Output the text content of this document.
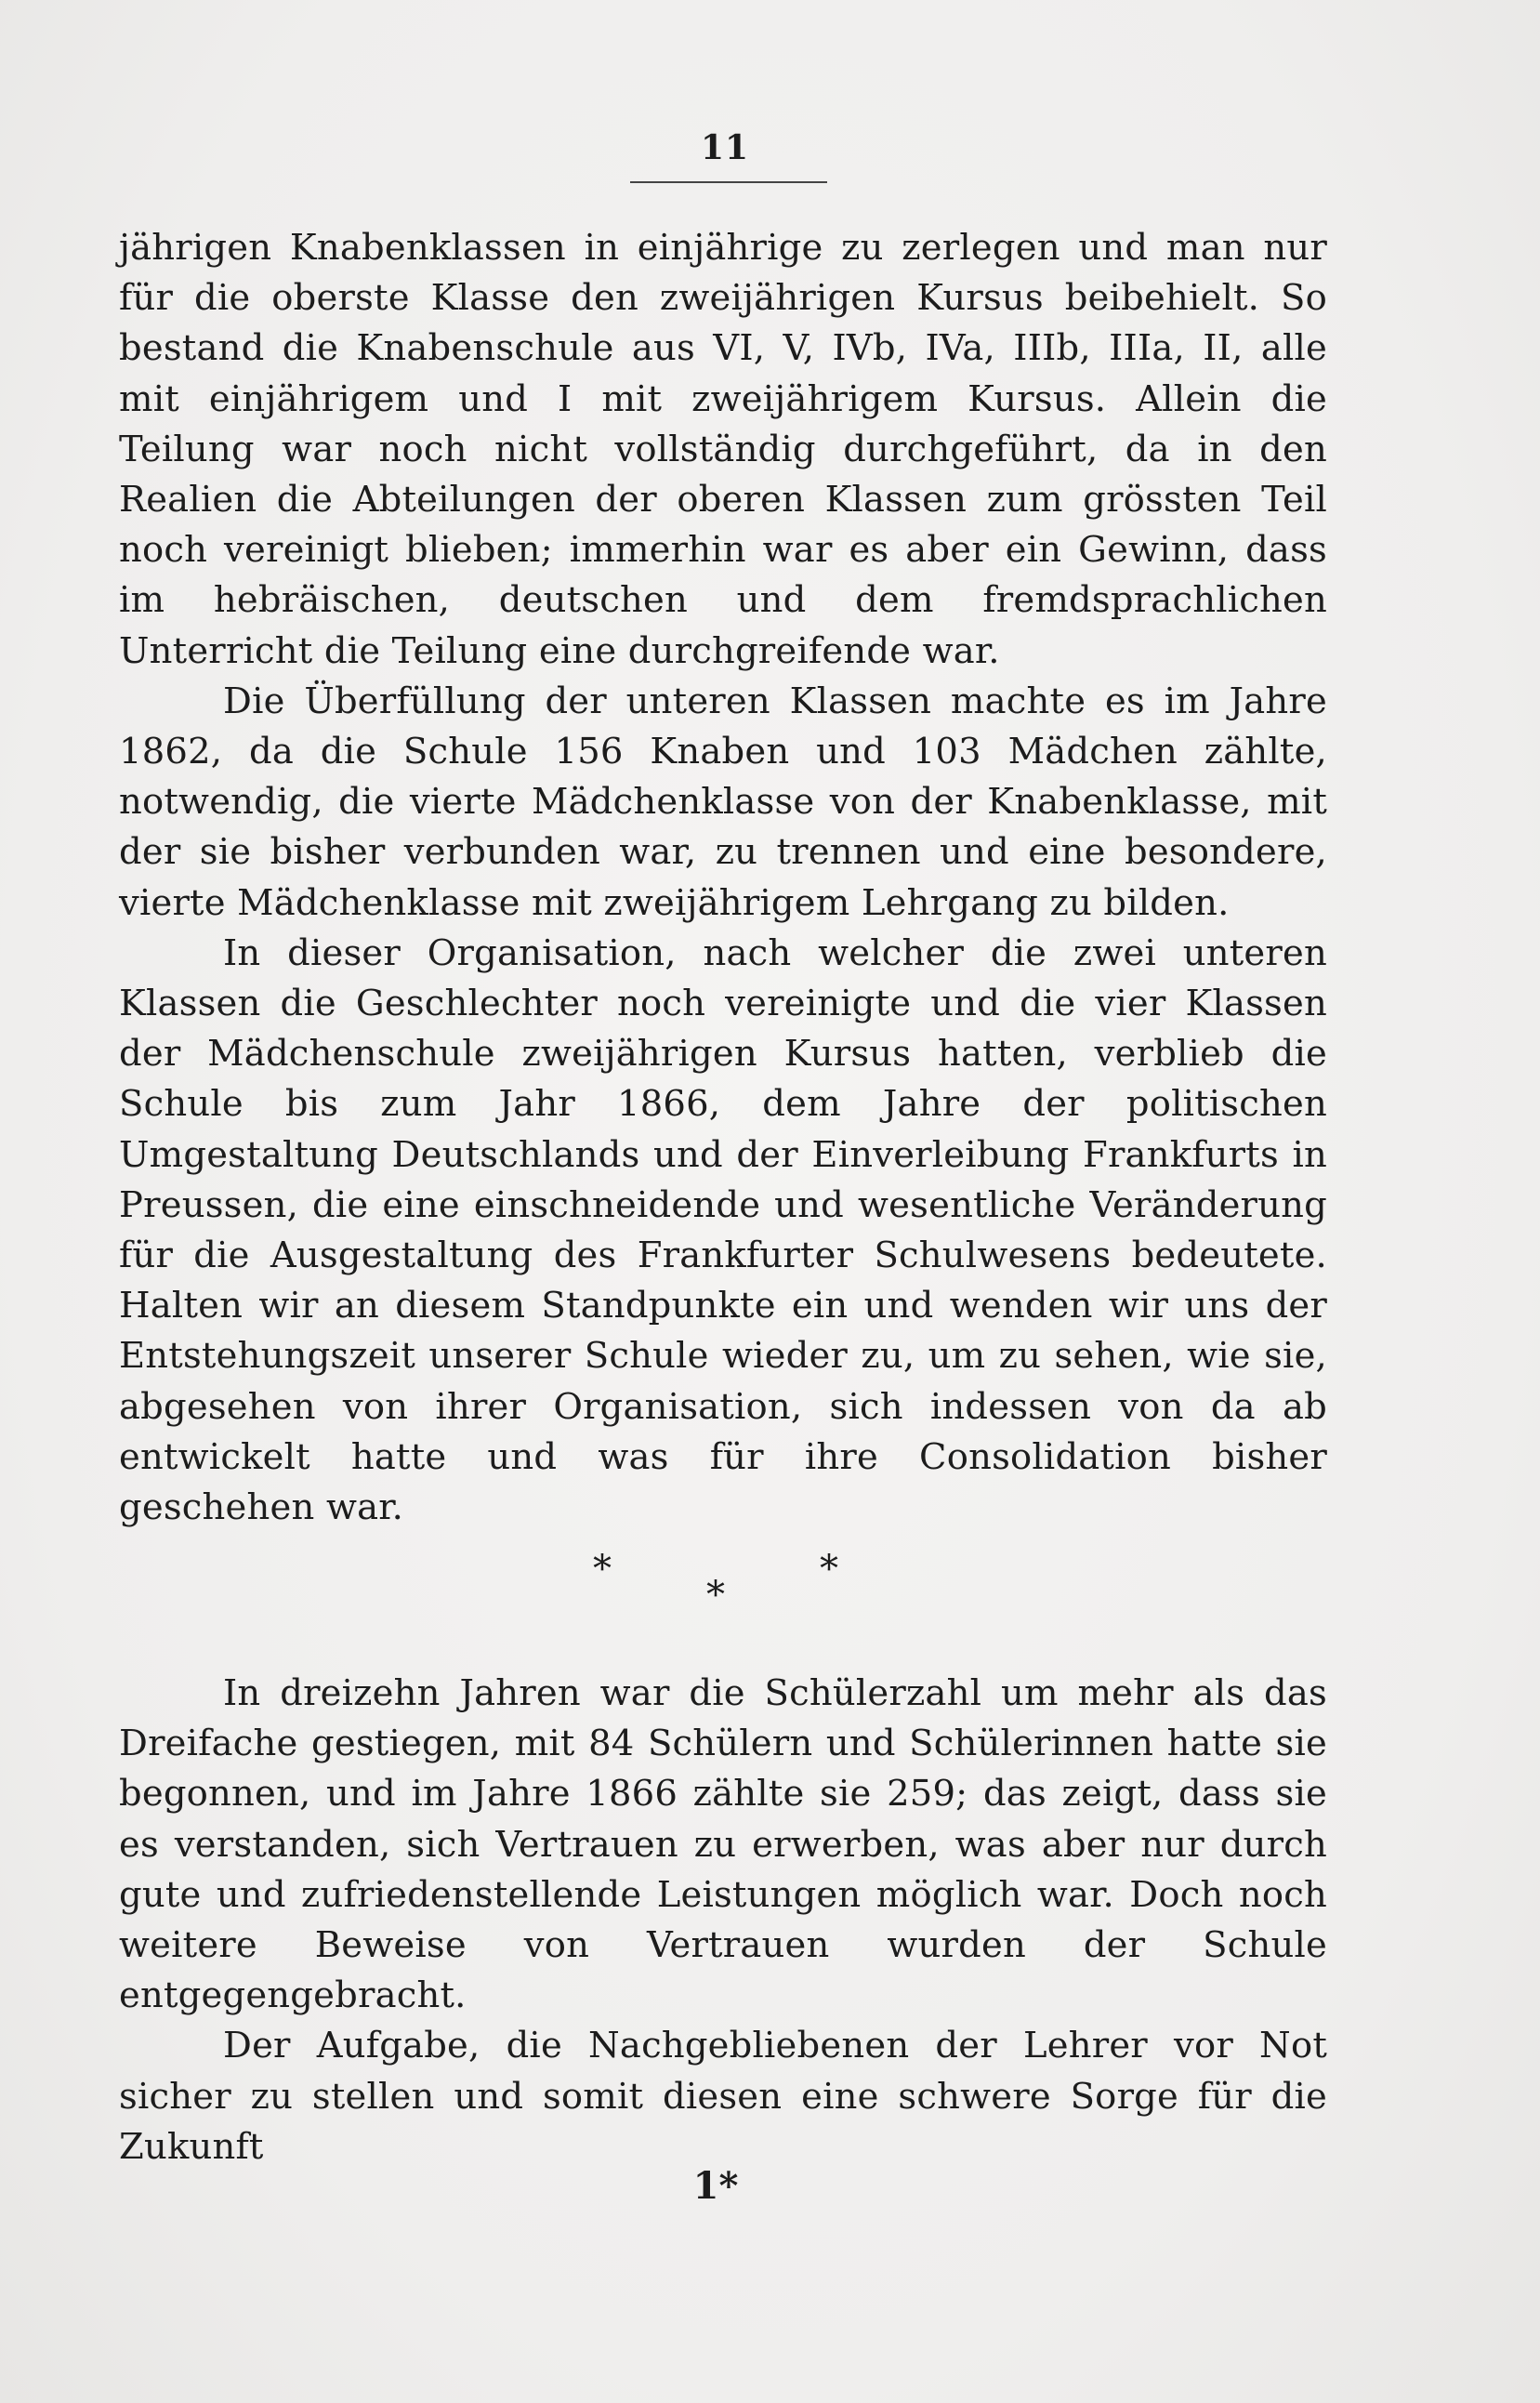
11

jährigen Knabenklassen in einjährige zu zerlegen und man nur für die oberste Klasse den zweijährigen Kursus beibehielt. So bestand die Knabenschule aus VI, V, IVb, IVa, IIIb, IIIa, II, alle mit einjährigem und I mit zweijährigem Kursus. Allein die Teilung war noch nicht vollständig durchgeführt, da in den Realien die Abteilungen der oberen Klassen zum grössten Teil noch vereinigt blieben; immerhin war es aber ein Gewinn, dass im hebräischen, deutschen und dem fremdsprachlichen Unterricht die Teilung eine durchgreifende war.

Die Überfüllung der unteren Klassen machte es im Jahre 1862, da die Schule 156 Knaben und 103 Mädchen zählte, notwendig, die vierte Mädchenklasse von der Knabenklasse, mit der sie bisher verbunden war, zu trennen und eine besondere, vierte Mädchenklasse mit zweijährigem Lehrgang zu bilden.

In dieser Organisation, nach welcher die zwei unteren Klassen die Geschlechter noch vereinigte und die vier Klassen der Mädchenschule zweijährigen Kursus hatten, verblieb die Schule bis zum Jahr 1866, dem Jahre der politischen Umgestaltung Deutschlands und der Einverleibung Frankfurts in Preussen, die eine einschneidende und wesentliche Veränderung für die Ausgestaltung des Frankfurter Schulwesens bedeutete. Halten wir an diesem Standpunkte ein und wenden wir uns der Entstehungszeit unserer Schule wieder zu, um zu sehen, wie sie, abgesehen von ihrer Organisation, sich indessen von da ab entwickelt hatte und was für ihre Consolidation bisher geschehen war.

*
*
*

In dreizehn Jahren war die Schülerzahl um mehr als das Dreifache gestiegen, mit 84 Schülern und Schülerinnen hatte sie begonnen, und im Jahre 1866 zählte sie 259; das zeigt, dass sie es verstanden, sich Vertrauen zu erwerben, was aber nur durch gute und zufriedenstellende Leistungen möglich war. Doch noch weitere Beweise von Vertrauen wurden der Schule entgegengebracht.

Der Aufgabe, die Nachgebliebenen der Lehrer vor Not sicher zu stellen und somit diesen eine schwere Sorge für die Zukunft

1*
